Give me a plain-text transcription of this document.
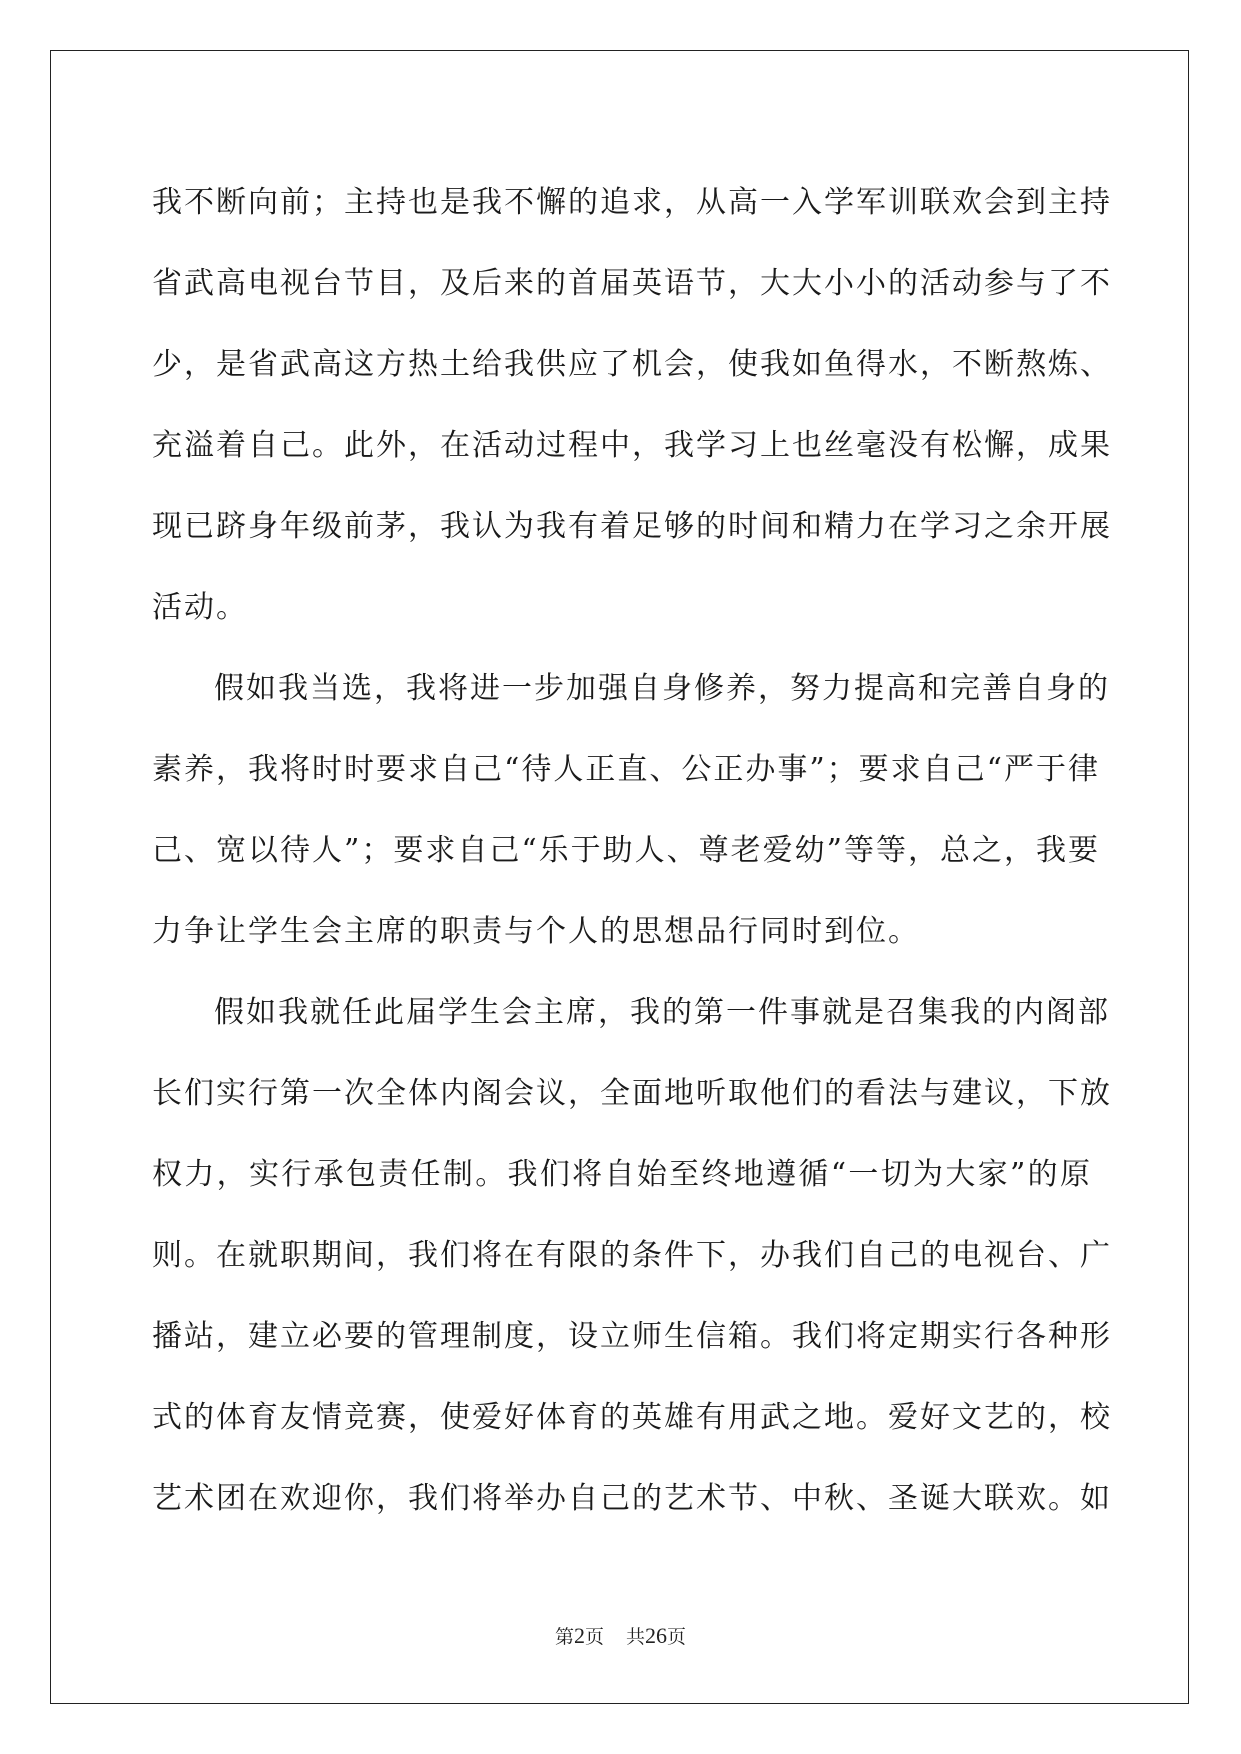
我不断向前；主持也是我不懈的追求，从高一入学军训联欢会到主持
省武高电视台节目，及后来的首届英语节，大大小小的活动参与了不
少，是省武高这方热土给我供应了机会，使我如鱼得水，不断熬炼、
充溢着自己。此外，在活动过程中，我学习上也丝毫没有松懈，成果
现已跻身年级前茅，我认为我有着足够的时间和精力在学习之余开展
活动。

假如我当选，我将进一步加强自身修养，努力提高和完善自身的
素养，我将时时要求自己“待人正直、公正办事”；要求自己“严于律
己、宽以待人”；要求自己“乐于助人、尊老爱幼”等等，总之，我要
力争让学生会主席的职责与个人的思想品行同时到位。

假如我就任此届学生会主席，我的第一件事就是召集我的内阁部
长们实行第一次全体内阁会议，全面地听取他们的看法与建议，下放
权力，实行承包责任制。我们将自始至终地遵循“一切为大家”的原
则。在就职期间，我们将在有限的条件下，办我们自己的电视台、广
播站，建立必要的管理制度，设立师生信箱。我们将定期实行各种形
式的体育友情竞赛，使爱好体育的英雄有用武之地。爱好文艺的，校
艺术团在欢迎你，我们将举办自己的艺术节、中秋、圣诞大联欢。如

第2页 共26页
